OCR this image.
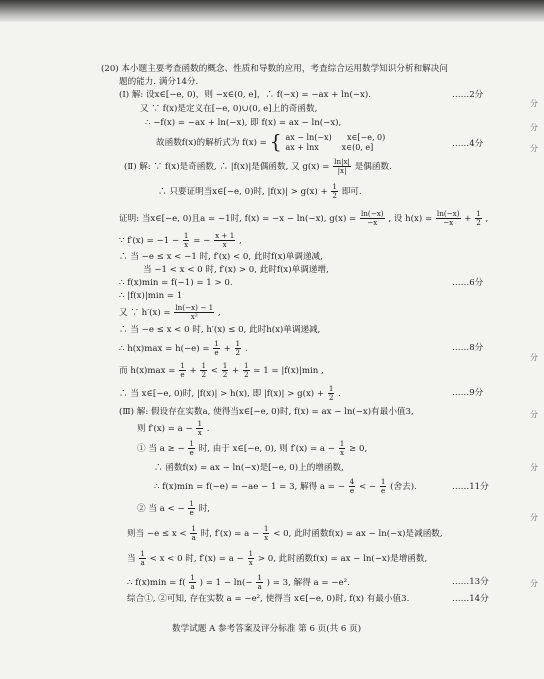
(20) 本小题主要考查函数的概念、性质和导数的应用，考查综合运用数学知识分析和解决问
题的能力. 满分14分.
(Ⅰ) 解: 设x∈[−e, 0)，则 −x∈(0, e]，∴ f(−x) = −ax + ln(−x).	……2分
又 ∵ f(x)是定义在[−e, 0)∪(0, e]上的奇函数,
∴ −f(x) = −ax + ln(−x), 即 f(x) = ax − ln(−x),
故函数f(x)的解析式为 f(x) = { ax − ln(−x) x∈[−e, 0)
ax + lnx	x∈(0, e]	……4分
(Ⅱ) 解: ∵ f(x)是奇函数, ∴ |f(x)|是偶函数, 又 $g(x) = \frac{\ln|x|}{|x|}$ 是偶函数.
∴ 只要证明当x∈[−e, 0)时, $|f(x)| > g(x) + \frac{1}{2}$ 即可.
证明: 当x∈[−e, 0)且a = −1时, f(x) = −x − ln(−x), $g(x) = \frac{\ln(-x)}{-x}$ , 设 $h(x) = \frac{\ln(-x)}{-x} + \frac{1}{2}$ ,
∵ $f'(x) = -1 - \frac{1}{x}$ = − $\frac{x + 1}{x}$ ,
∴ 当 −e ≤ x < −1 时, f′(x) < 0, 此时f(x)单调递减,
当 −1 < x < 0 时, f′(x) > 0, 此时f(x)单调递增,
∴ f(x)min = f(−1) = 1 > 0.	……6分
∴ |f(x)|min = 1
又 ∵ $h'(x) = \frac{\ln(-x) - 1}{\text{x²}}$ ,
∴ 当 −e ≤ x < 0 时, h′(x) ≤ 0, 此时h(x)单调递减,
∴ $h(x)\max = h(-e) = \frac{1}{e} + \frac{1}{2}$ .	……8分
而 $h(x)\max = \frac{1}{e} + \frac{1}{2} < \frac{1}{2} + \frac{1}{2} = 1 = |f(x)|\min$ ,
∴ 当 x∈[−e, 0)时, |f(x)| > h(x), 即 $|f(x)| > g(x) + \frac{1}{2}$ .	……9分
(Ⅲ) 解: 假设存在实数a, 使得当x∈[−e, 0)时, f(x) = ax − ln(−x)有最小值3,
则 $f'(x) = a - \frac{1}{x}$ .
① 当 a ≥ − $\frac{1}{e}$ 时, 由于 x∈[−e, 0), 则 $f'(x) = a - \frac{1}{x} \ge 0$,
∴ 函数f(x) = ax − ln(−x)是[−e, 0)上的增函数,
∴ f(x)min = f(−e) = −ae − 1 = 3, 解得 a = − $\frac{4}{e}$ < − $\frac{1}{e}$ (舍去).	……11分
② 当 a < − $\frac{1}{e}$ 时,
则当 $-e \le x < \frac{1}{a}$ 时, $f'(x) = a - \frac{1}{x} < 0$, 此时函数f(x) = ax − ln(−x)是减函数,
当 $\frac{1}{a} < x < 0$ 时, $f'(x) = a - \frac{1}{x} > 0$, 此时函数f(x) = ax − ln(−x)是增函数,
∴ $f(x)\min = f( \frac{1}{a}$ ) = $1 - \ln(- \frac{1}{a}$ ) = 3, 解得 a = −e².	……13分
综合①, ②可知, 存在实数 a = −e², 使得当 x∈[−e, 0)时, f(x) 有最小值3.	……14分
数学试题 A 参考答案及评分标准 第 6 页(共 6 页)
分
分
分
分
分
分
分
分
